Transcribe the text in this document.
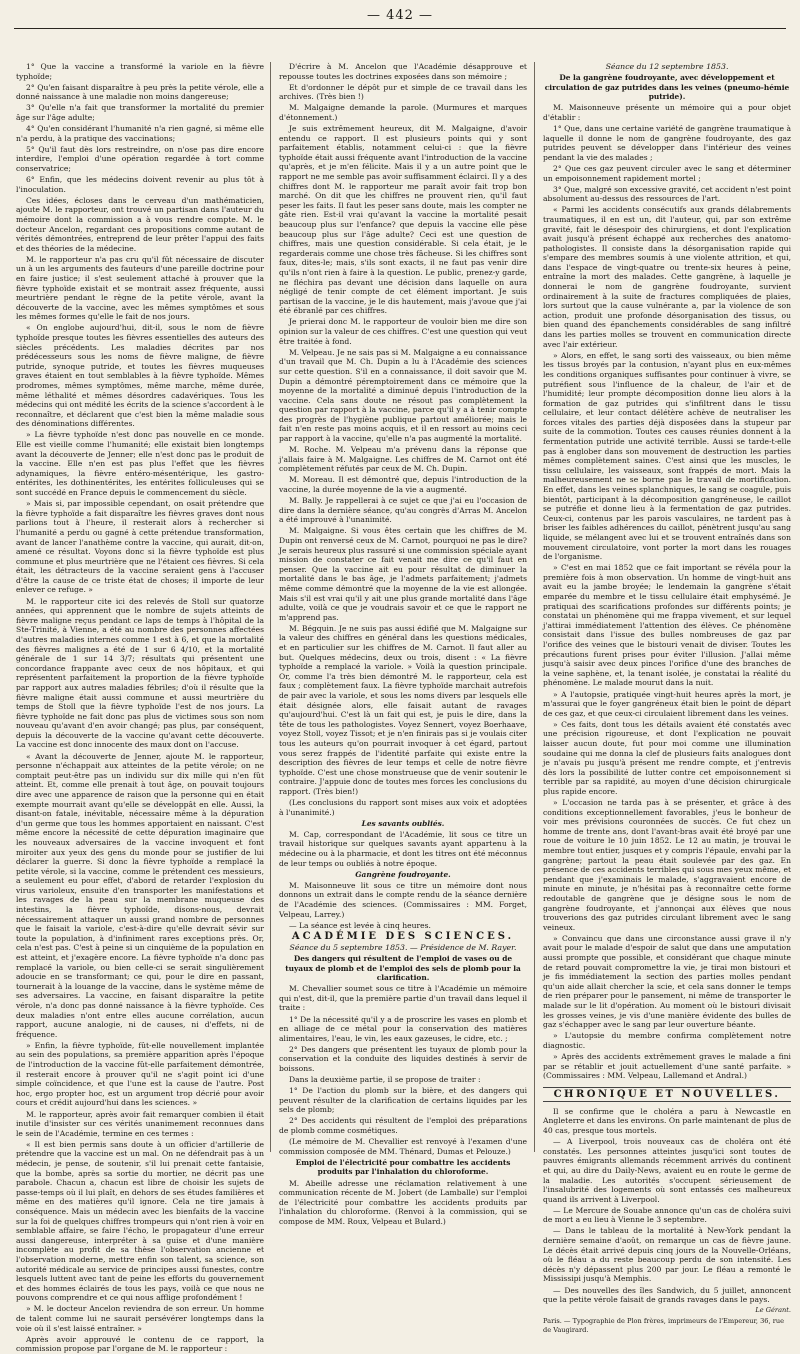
— 442 —

1° Que la vaccine a transformé la variole en la fièvre typhoïde;

2° Qu'en faisant disparaître à peu près la petite vérole, elle a donné naissance à une maladie non moins dangereuse;

3° Qu'elle n'a fait que transformer la mortalité du premier âge sur l'âge adulte;

4° Qu'en considérant l'humanité n'a rien gagné, si même elle n'a perdu, à la pratique des vaccinations;

5° Qu'il faut dès lors restreindre, on n'ose pas dire encore interdire, l'emploi d'une opération regardée à tort comme conservatrice;

6° Enfin, que les médecins doivent revenir au plus tôt à l'inoculation.

Ces idées, écloses dans le cerveau d'un mathématicien, ajoute M. le rapporteur, ont trouvé un partisan dans l'auteur du mémoire dont la commission a à vous rendre compte. M. le docteur Ancelon, regardant ces propositions comme autant de vérités démontrées, entreprend de leur prêter l'appui des faits et des théories de la médecine.

M. le rapporteur n'a pas cru qu'il fût nécessaire de discuter un à un les arguments des fauteurs d'une pareille doctrine pour en faire justice; il s'est seulement attaché à prouver que la fièvre typhoïde existait et se montrait assez fréquente, aussi meurtrière pendant le règne de la petite vérole, avant la découverte de la vaccine, avec les mêmes symptômes et sous les mêmes formes qu'elle le fait de nos jours.

« On englobe aujourd'hui, dit-il, sous le nom de fièvre typhoïde presque toutes les fièvres essentielles des auteurs des siècles précédents. Les maladies décrites par nos prédécesseurs sous les noms de fièvre maligne, de fièvre putride, synoque putride, et toutes les fièvres muqueuses graves étaient en tout semblables à la fièvre typhoïde. Mêmes prodromes, mêmes symptômes, même marche, même durée, même léthalité et mêmes désordres cadavériques. Tous les médecins qui ont médité les écrits de la science s'accordent à le reconnaître, et déclarent que c'est bien la même maladie sous des dénominations différentes.

» La fièvre typhoïde n'est donc pas nouvelle en ce monde. Elle est vieille comme l'humanité; elle existait bien longtemps avant la découverte de Jenner; elle n'est donc pas le produit de la vaccine. Elle n'en est pas plus l'effet que les fièvres adynamiques, la fièvre entéro-mésentérique, les gastro-entérites, les dothinentérites, les entérites folliculeuses qui se sont succédé en France depuis le commencement du siècle.

» Mais si, par impossible cependant, on osait prétendre que la fièvre typhoïde a fait disparaître les fièvres graves dont nous parlions tout à l'heure, il resterait alors à rechercher si l'humanité a perdu ou gagné à cette prétendue transformation, avant de lancer l'anathème contre la vaccine, qui aurait, dit-on, amené ce résultat. Voyons donc si la fièvre typhoïde est plus commune et plus meurtrière que ne l'étaient ces fièvres. Si cela était, les détracteurs de la vaccine seraient gens à l'accuser d'être la cause de ce triste état de choses; il importe de leur enlever ce refuge. »

M. le rapporteur cite ici des relevés de Stoll sur quatorze années, qui apprennent que le nombre de sujets atteints de fièvre maligne reçus pendant ce laps de temps à l'hôpital de la Ste-Trinité, à Vienne, a été au nombre des personnes affectées d'autres maladies internes comme 1 est à 6, et que la mortalité des fièvres malignes a été de 1 sur 6 4/10, et la mortalité générale de 1 sur 14 3/7; résultats qui présentent une concordance frappante avec ceux de nos hôpitaux, et qui représentent parfaitement la proportion de la fièvre typhoïde par rapport aux autres maladies fébriles; d'où il résulte que la fièvre maligne était aussi commune et aussi meurtrière du temps de Stoll que la fièvre typhoïde l'est de nos jours. La fièvre typhoïde ne fait donc pas plus de victimes sous son nom nouveau qu'avant d'en avoir changé; pas plus, par conséquent, depuis la découverte de la vaccine qu'avant cette découverte. La vaccine est donc innocente des maux dont on l'accuse.

« Avant la découverte de Jenner, ajoute M. le rapporteur, personne n'échappait aux atteintes de la petite vérole; on ne comptait peut-être pas un individu sur dix mille qui n'en fût atteint. Et, comme elle prenait à tout âge, on pouvait toujours dire avec une apparence de raison que la personne qui en était exempte mourrait avant qu'elle se développât en elle. Aussi, la disant-on fatale, inévitable, nécessaire même à la dépuration d'un germe que tous les hommes apportaient en naissant. C'est même encore la nécessité de cette dépuration imaginaire que les nouveaux adversaires de la vaccine invoquent et font miroiter aux yeux des gens du monde pour se justifier de lui déclarer la guerre. Si donc la fièvre typhoïde a remplacé la petite vérole, si la vaccine, comme le prétendent ces messieurs, a seulement eu pour effet, d'abord de retarder l'explosion du virus varioleux, ensuite d'en transporter les manifestations et les ravages de la peau sur la membrane muqueuse des intestins, la fièvre typhoïde, disons-nous, devrait nécessairement attaquer un aussi grand nombre de personnes que le faisait la variole, c'est-à-dire qu'elle devrait sévir sur toute la population, à d'infiniment rares exceptions près. Or, cela n'est pas. C'est à peine si un cinquième de la population en est atteint, et j'exagère encore. La fièvre typhoïde n'a donc pas remplacé la variole, ou bien celle-ci se serait singulièrement adoucie en se transformant; ce qui, pour le dire en passant, tournerait à la louange de la vaccine, dans le système même de ses adversaires. La vaccine, en faisant disparaître la petite vérole, n'a donc pas donné naissance à la fièvre typhoïde. Ces deux maladies n'ont entre elles aucune corrélation, aucun rapport, aucune analogie, ni de causes, ni d'effets, ni de fréquence.

» Enfin, la fièvre typhoïde, fût-elle nouvellement implantée au sein des populations, sa première apparition après l'époque de l'introduction de la vaccine fût-elle parfaitement démontrée, il resterait encore à prouver qu'il ne s'agit point ici d'une simple coïncidence, et que l'une est la cause de l'autre. Post hoc, ergo propter hoc, est un argument trop décrié pour avoir cours et crédit aujourd'hui dans les sciences. »

M. le rapporteur, après avoir fait remarquer combien il était inutile d'insister sur ces vérités unanimement reconnues dans le sein de l'Académie, termine en ces termes :

« Il est bien permis sans doute à un officier d'artillerie de prétendre que la vaccine est un mal. On ne défendrait pas à un médecin, je pense, de soutenir, s'il lui prenait cette fantaisie, que la bombe, après sa sortie du mortier, ne décrit pas une parabole. Chacun a, chacun est libre de choisir les sujets de passe-temps où il lui plaît, en dehors de ses études familières et même en des matières qu'il ignore. Cela ne tire jamais à conséquence. Mais un médecin avec les bienfaits de la vaccine sur la foi de quelques chiffres trompeurs qui n'ont rien à voir en semblable affaire, se faire l'écho, le propagateur d'une erreur aussi dangereuse, interpréter à sa guise et d'une manière incomplète au profit de sa thèse l'observation ancienne et l'observation moderne, mettre enfin son talent, sa science, son autorité médicale au service de principes aussi funestes, contre lesquels luttent avec tant de peine les efforts du gouvernement et des hommes éclairés de tous les pays, voilà ce que nous ne pouvons comprendre et ce qui nous afflige profondément !

» M. le docteur Ancelon reviendra de son erreur. Un homme de talent comme lui ne saurait persévérer longtemps dans la voie où il s'est laissé entraîner. »

Après avoir approuvé le contenu de ce rapport, la commission propose par l'organe de M. le rapporteur :

D'écrire à M. Ancelon que l'Académie désapprouve et repousse toutes les doctrines exposées dans son mémoire ;

Et d'ordonner le dépôt pur et simple de ce travail dans les archives. (Très bien !)

M. Malgaigne demande la parole. (Murmures et marques d'étonnement.)

Je suis extrêmement heureux, dit M. Malgaigne, d'avoir entendu ce rapport. Il est plusieurs points qui y sont parfaitement établis, notamment celui-ci : que la fièvre typhoïde était aussi fréquente avant l'introduction de la vaccine qu'après, et je m'en félicite. Mais il y a un autre point que le rapport ne me semble pas avoir suffisamment éclairci. Il y a des chiffres dont M. le rapporteur me paraît avoir fait trop bon marché. On dit que les chiffres ne prouvent rien, qu'il faut peser les faits. Il faut les peser sans doute, mais les compter ne gâte rien. Est-il vrai qu'avant la vaccine la mortalité pesait beaucoup plus sur l'enfance? que depuis la vaccine elle pèse beaucoup plus sur l'âge adulte? Ceci est une question de chiffres, mais une question considérable. Si cela était, je le regarderais comme une chose très fâcheuse. Si les chiffres sont faux, dites-le; mais, s'ils sont exacts, il ne faut pas venir dire qu'ils n'ont rien à faire à la question. Le public, prenez-y garde, ne fléchira pas devant une décision dans laquelle on aura négligé de tenir compte de cet élément important. Je suis partisan de la vaccine, je le dis hautement, mais j'avoue que j'ai été ébranlé par ces chiffres.

Je prierai donc M. le rapporteur de vouloir bien me dire son opinion sur la valeur de ces chiffres. C'est une question qui veut être traitée à fond.

M. Velpeau. Je ne sais pas si M. Malgaigne a eu connaissance d'un travail que M. Ch. Dupin a lu à l'Académie des sciences sur cette question. S'il en a connaissance, il doit savoir que M. Dupin a démontré péremptoirement dans ce mémoire que la moyenne de la mortalité a diminué depuis l'introduction de la vaccine. Cela sans doute ne résout pas complètement la question par rapport à la vaccine, parce qu'il y a à tenir compte des progrès de l'hygiène publique partout améliorée; mais le fait n'en reste pas moins acquis, et il en ressort au moins ceci par rapport à la vaccine, qu'elle n'a pas augmenté la mortalité.

M. Roche. M. Velpeau m'a prévenu dans la réponse que j'allais faire à M. Malgaigne. Les chiffres de M. Carnot ont été complètement réfutés par ceux de M. Ch. Dupin.

M. Moreau. Il est démontré que, depuis l'introduction de la vaccine, la durée moyenne de la vie a augmenté.

M. Bally. Je rappellerai à ce sujet ce que j'ai eu l'occasion de dire dans la dernière séance, qu'au congrès d'Arras M. Ancelon a été improuvé à l'unanimité.

M. Malgaigne. Si vous êtes certain que les chiffres de M. Dupin ont renversé ceux de M. Carnot, pourquoi ne pas le dire? Je serais heureux plus rassuré si une commission spéciale ayant mission de constater ce fait venait me dire ce qu'il faut en penser. Que la vaccine ait eu pour résultat de diminuer la mortalité dans le bas âge, je l'admets parfaitement; j'admets même comme démontré que la moyenne de la vie est allongée. Mais s'il est vrai qu'il y ait une plus grande mortalité dans l'âge adulte, voilà ce que je voudrais savoir et ce que le rapport ne m'apprend pas.

M. Bégquin. Je ne suis pas aussi édifié que M. Malgaigne sur la valeur des chiffres en général dans les questions médicales, et en particulier sur les chiffres de M. Carnot. Il faut aller au but. Quelques médecins, deux ou trois, disent : « La fièvre typhoïde a remplacé la variole. » Voilà la question principale. Or, comme l'a très bien démontré M. le rapporteur, cela est faux ; complètement faux. La fièvre typhoïde marchait autrefois de pair avec la variole, et sous les noms divers par lesquels elle était désignée alors, elle faisait autant de ravages qu'aujourd'hui. C'est là un fait qui est, je puis le dire, dans la tête de tous les pathologistes. Voyez Sennert, voyez Boerhaave, voyez Stoll, voyez Tissot; et je n'en finirais pas si je voulais citer tous les auteurs qu'on pourrait invoquer à cet égard, partout vous serez frappés de l'identité parfaite qui existe entre la description des fièvres de leur temps et celle de notre fièvre typhoïde. C'est une chose monstrueuse que de venir soutenir le contraire. J'appuie donc de toutes mes forces les conclusions du rapport. (Très bien!)

(Les conclusions du rapport sont mises aux voix et adoptées à l'unanimité.)

Les savants oubliés.

M. Cap, correspondant de l'Académie, lit sous ce titre un travail historique sur quelques savants ayant appartenu à la médecine ou à la pharmacie, et dont les titres ont été méconnus de leur temps ou oubliés à notre époque.

Gangrène foudroyante.

M. Maisonneuve lit sous ce titre un mémoire dont nous donnons un extrait dans le compte rendu de la séance dernière de l'Académie des sciences. (Commissaires : MM. Forget, Velpeau, Larrey.)

— La séance est levée à cinq heures.

ACADÉMIE DES SCIENCES.

Séance du 5 septembre 1853. — Présidence de M. Rayer.

Des dangers qui résultent de l'emploi de vases ou de tuyaux de plomb et de l'emploi des sels de plomb pour la clarification.

M. Chevallier soumet sous ce titre à l'Académie un mémoire qui n'est, dit-il, que la première partie d'un travail dans lequel il traite :

1° De la nécessité qu'il y a de proscrire les vases en plomb et en alliage de ce métal pour la conservation des matières alimentaires, l'eau, le vin, les eaux gazeuses, le cidre, etc. ;

2° Des dangers que présentent les tuyaux de plomb pour la conservation et la conduite des liquides destinés à servir de boissons.

Dans la deuxième partie, il se propose de traiter :

1° De l'action du plomb sur la bière, et des dangers qui peuvent résulter de la clarification de certains liquides par les sels de plomb;

2° Des accidents qui résultent de l'emploi des préparations de plomb comme cosmétiques.

(Le mémoire de M. Chevallier est renvoyé à l'examen d'une commission composée de MM. Thénard, Dumas et Pelouze.)

Emploi de l'électricité pour combattre les accidents produits par l'inhalation du chloroforme.

M. Abeille adresse une réclamation relativement à une communication récente de M. Jobert (de Lamballe) sur l'emploi de l'électricité pour combattre les accidents produits par l'inhalation du chloroforme. (Renvoi à la commission, qui se compose de MM. Roux, Velpeau et Bulard.)

Séance du 12 septembre 1853.

De la gangrène foudroyante, avec développement et circulation de gaz putrides dans les veines (pneumo-hémie putride).

M. Maisonneuve présente un mémoire qui a pour objet d'établir :

1° Que, dans une certaine variété de gangrène traumatique à laquelle il donne le nom de gangrène foudroyante, des gaz putrides peuvent se développer dans l'intérieur des veines pendant la vie des malades ;

2° Que ces gaz peuvent circuler avec le sang et déterminer un empoisonnement rapidement mortel ;

3° Que, malgré son excessive gravité, cet accident n'est point absolument au-dessus des ressources de l'art.

« Parmi les accidents consécutifs aux grands délabrements traumatiques, il en est un, dit l'auteur, qui, par son extrême gravité, fait le désespoir des chirurgiens, et dont l'explication avait jusqu'à présent échappé aux recherches des anatomo-pathologistes. Il consiste dans la désorganisation rapide qui s'empare des membres soumis à une violente attrition, et qui, dans l'espace de vingt-quatre ou trente-six heures à peine, entraîne la mort des malades. Cette gangrène, à laquelle je donnerai le nom de gangrène foudroyante, survient ordinairement à la suite de fractures compliquées de plaies, lors surtout que la cause vulnérante a, par la violence de son action, produit une profonde désorganisation des tissus, ou bien quand des épanchements considérables de sang infiltré dans les parties molles se trouvent en communication directe avec l'air extérieur.

» Alors, en effet, le sang sorti des vaisseaux, ou bien même les tissus broyés par la contusion, n'ayant plus en eux-mêmes les conditions organiques suffisantes pour continuer à vivre, se putréfient sous l'influence de la chaleur, de l'air et de l'humidité; leur prompte décomposition donne lieu alors à la formation de gaz putrides qui s'infiltrent dans le tissu cellulaire, et leur contact délétère achève de neutraliser les forces vitales des parties déjà disposées dans la stupeur par suite de la commotion. Toutes ces causes réunies donnent à la fermentation putride une activité terrible. Aussi se tarde-t-elle pas à englober dans son mouvement de destruction les parties mêmes complètement saines. C'est ainsi que les muscles, le tissu cellulaire, les vaisseaux, sont frappés de mort. Mais la malheureusement ne se borne pas le travail de mortification. En effet, dans les veines splanchniques, le sang se coagule, puis bientôt, participant à la décomposition gangréneuse, le caillot se putréfie et donne lieu à la fermentation de gaz putrides. Ceux-ci, contenus par les parois vasculaires, ne tardent pas à briser les faibles adhérences du caillot, pénètrent jusqu'au sang liquide, se mélangent avec lui et se trouvent entraînés dans son mouvement circulatoire, vont porter la mort dans les rouages de l'organisme.

» C'est en mai 1852 que ce fait important se révéla pour la première fois à mon observation. Un homme de vingt-huit ans avait eu la jambe broyée; le lendemain la gangrène s'était emparée du membre et le tissu cellulaire était emphysémé. Je pratiquai des scarifications profondes sur différents points; je constatai un phénomène qui me frappa vivement, et sur lequel j'attirai immédiatement l'attention des élèves. Ce phénomène consistait dans l'issue des bulles nombreuses de gaz par l'orifice des veines que le bistouri venait de diviser. Toutes les précautions furent prises pour éviter l'illusion. J'allai même jusqu'à saisir avec deux pinces l'orifice d'une des branches de la veine saphène, et, la tenant isolée, je constatai la réalité du phénomène. Le malade mourut dans la nuit.

» A l'autopsie, pratiquée vingt-huit heures après la mort, je m'assurai que le foyer gangréneux était bien le point de départ de ces gaz, et que ceux-ci circulaient librement dans les veines.

» Ces faits, dont tous les détails avaient été constatés avec une précision rigoureuse, et dont l'explication ne pouvait laisser aucun doute, fut pour moi comme une illumination soudaine qui me donna la clef de plusieurs faits analogues dont je n'avais pu jusqu'à présent me rendre compte, et j'entrevis dès lors la possibilité de lutter contre cet empoisonnement si terrible par sa rapidité, au moyen d'une décision chirurgicale plus rapide encore.

» L'occasion ne tarda pas à se présenter, et grâce à des conditions exceptionnellement favorables, j'eus le bonheur de voir mes prévisions couronnées de succès. Ce fut chez un homme de trente ans, dont l'avant-bras avait été broyé par une roue de voiture le 10 juin 1852. Le 12 au matin, je trouvai le membre tout entier, jusques et y compris l'épaule, envahi par la gangrène; partout la peau était soulevée par des gaz. En présence de ces accidents terribles qui sous mes yeux même, et pendant que j'examinais le malade, s'aggravaient encore de minute en minute, je n'hésitai pas à reconnaître cette forme redoutable de gangrène que je désigne sous le nom de gangrène foudroyante, et j'annonçai aux élèves que nous trouverions des gaz putrides circulant librement avec le sang veineux.

» Convaincu que dans une circonstance aussi grave il n'y avait pour le malade d'espoir de salut que dans une amputation aussi prompte que possible, et considérant que chaque minute de retard pouvait compromettre la vie, je tirai mon bistouri et je fis immédiatement la section des parties molles pendant qu'un aide allait chercher la scie, et cela sans donner le temps de rien préparer pour le pansement, ni même de transporter le malade sur le lit d'opération. Au moment où le bistouri divisait les grosses veines, je vis d'une manière évidente des bulles de gaz s'échapper avec le sang par leur ouverture béante.

» L'autopsie du membre confirma complètement notre diagnostic.

» Après des accidents extrêmement graves le malade a fini par se rétablir et jouit actuellement d'une santé parfaite. » (Commissaires : MM. Velpeau, Lallemand et Andral.)

CHRONIQUE ET NOUVELLES.

Il se confirme que le choléra a paru à Newcastle en Angleterre et dans les environs. On parle maintenant de plus de 40 cas, presque tous mortels.

— A Liverpool, trois nouveaux cas de choléra ont été constatés. Les personnes atteintes jusqu'ici sont toutes de pauvres émigrants allemands récemment arrivés du continent et qui, au dire du Daily-News, avaient eu en route le germe de la maladie. Les autorités s'occupent sérieusement de l'insalubrité des logements où sont entassés ces malheureux quand ils arrivent à Liverpool.

— Le Mercure de Souabe annonce qu'un cas de choléra suivi de mort a eu lieu à Vienne le 3 septembre.

— Dans le tableau de la mortalité à New-York pendant la dernière semaine d'août, on remarque un cas de fièvre jaune. Le décès était arrivé depuis cinq jours de la Nouvelle-Orléans, où le fléau a du reste beaucoup perdu de son intensité. Les décès n'y dépassent plus 200 par jour. Le fléau a remonté le Mississipi jusqu'à Memphis.

— Des nouvelles des îles Sandwich, du 5 juillet, annoncent que la petite vérole faisait de grands ravages dans le pays.

Le Gérant.

Paris. — Typographie de Plon frères, imprimeurs de l'Empereur, 36, rue de Vaugirard.
